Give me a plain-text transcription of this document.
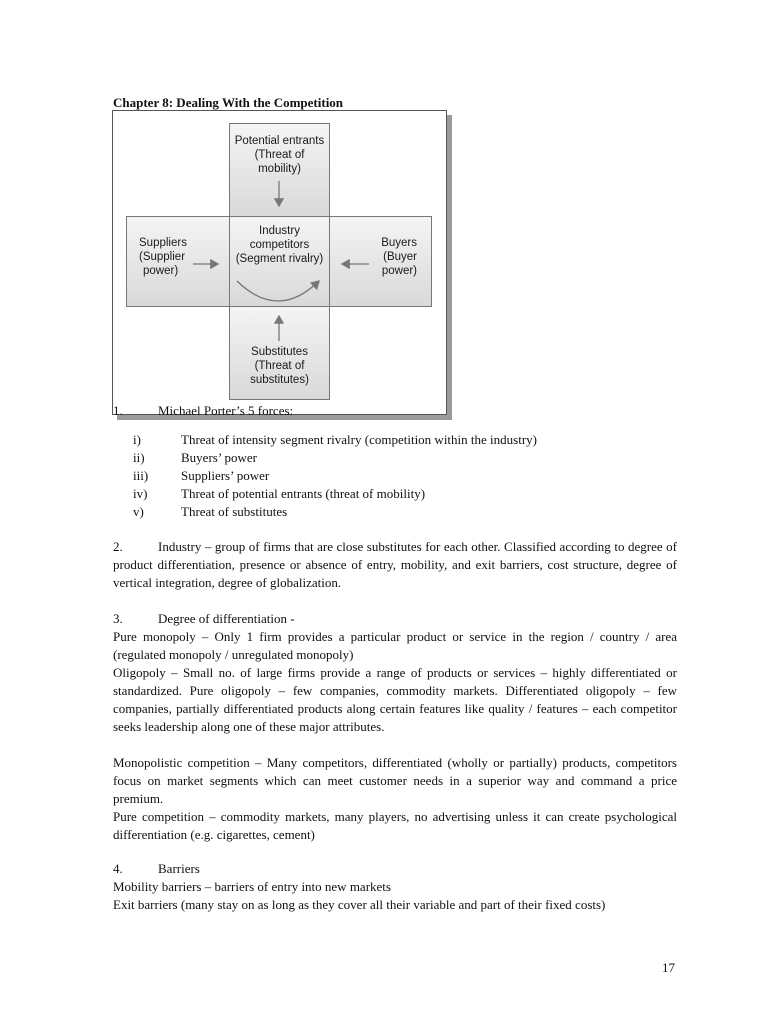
Chapter 8: Dealing With the Competition
Potential entrants
(Threat of
mobility)
Suppliers
(Supplier
power)
Industry
competitors
(Segment rivalry)
Buyers
(Buyer
power)
Substitutes
(Threat of
substitutes)
1.	Michael Porter’s 5 forces:
i)	Threat of intensity segment rivalry (competition within the industry)
ii)	Buyers’ power
iii)	Suppliers’ power
iv)	Threat of potential entrants (threat of mobility)
v)	Threat of substitutes
2.	Industry – group of firms that are close substitutes for each other. Classified according to degree of product differentiation, presence or absence of entry, mobility, and exit barriers, cost structure, degree of vertical integration, degree of globalization.
3.	Degree of differentiation -
Pure monopoly – Only 1 firm provides a particular product or service in the region / country / area (regulated monopoly / unregulated monopoly)
Oligopoly – Small no. of large firms provide a range of products or services – highly differentiated or standardized. Pure oligopoly – few companies, commodity markets. Differentiated oligopoly – few companies, partially differentiated products along certain features like quality / features – each competitor seeks leadership along one of these major attributes.
Monopolistic competition – Many competitors, differentiated (wholly or partially) products, competitors focus on market segments which can meet customer needs in a superior way and command a price premium.
Pure competition – commodity markets, many players, no advertising unless it can create psychological differentiation (e.g. cigarettes, cement)
4.	Barriers
Mobility barriers – barriers of entry into new markets
Exit barriers (many stay on as long as they cover all their variable and part of their fixed costs)
17
